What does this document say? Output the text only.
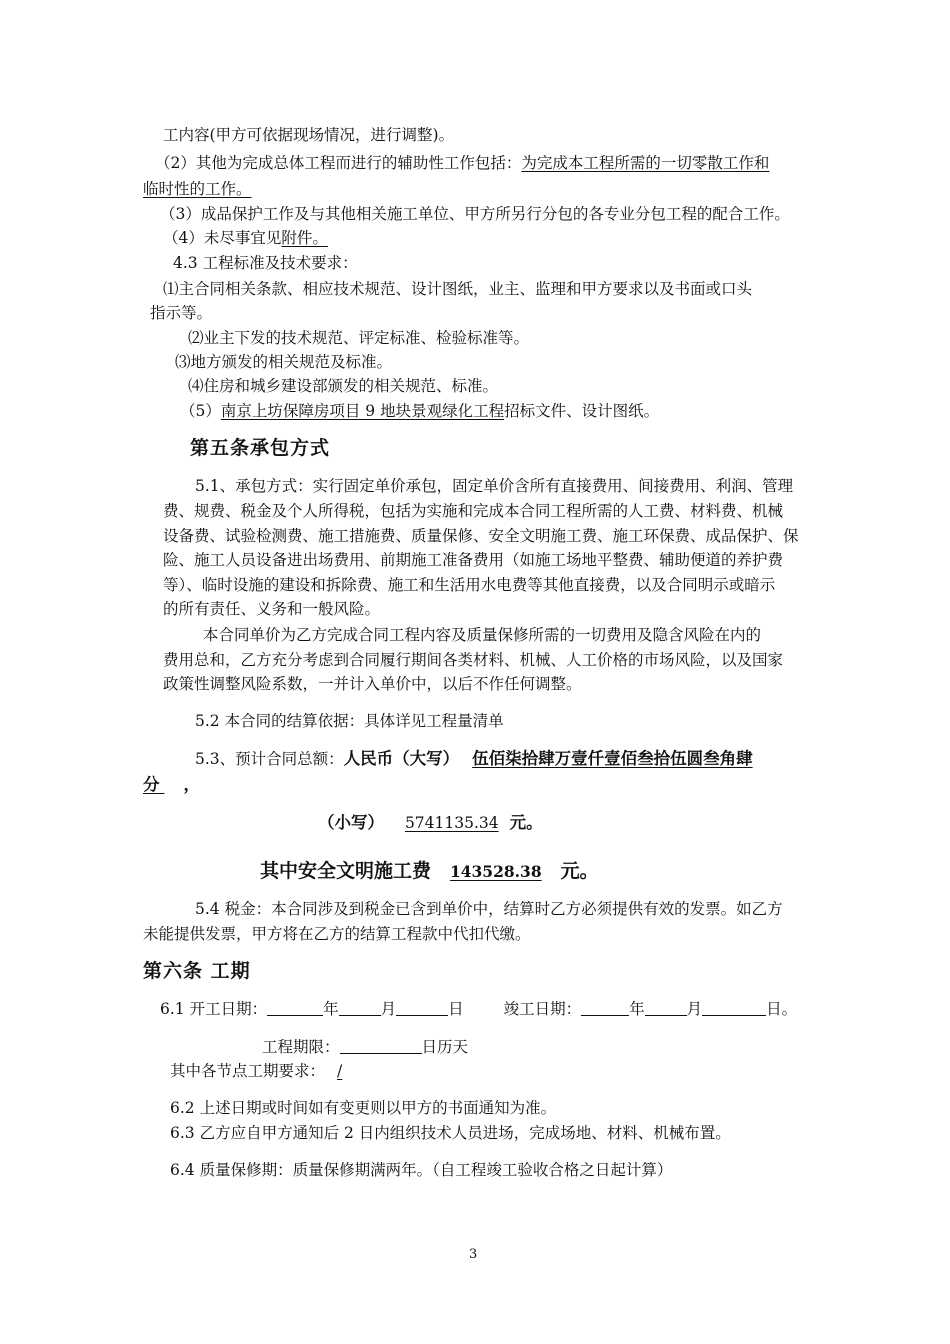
工内容(甲方可依据现场情况，进行调整)。
（2）其他为完成总体工程而进行的辅助性工作包括：为完成本工程所需的一切零散工作和
临时性的工作。
（3）成品保护工作及与其他相关施工单位、甲方所另行分包的各专业分包工程的配合工作。
（4）未尽事宜见附件。
4.3 工程标准及技术要求：
⑴主合同相关条款、相应技术规范、设计图纸，业主、监理和甲方要求以及书面或口头
指示等。
⑵业主下发的技术规范、评定标准、检验标准等。
⑶地方颁发的相关规范及标准。
⑷住房和城乡建设部颁发的相关规范、标准。
（5）南京上坊保障房项目 9 地块景观绿化工程招标文件、设计图纸。
第五条承包方式
5.1、承包方式：实行固定单价承包，固定单价含所有直接费用、间接费用、利润、管理
费、规费、税金及个人所得税，包括为实施和完成本合同工程所需的人工费、材料费、机械
设备费、试验检测费、施工措施费、质量保修、安全文明施工费、施工环保费、成品保护、保
险、施工人员设备进出场费用、前期施工准备费用（如施工场地平整费、辅助便道的养护费
等）、临时设施的建设和拆除费、施工和生活用水电费等其他直接费，以及合同明示或暗示
的所有责任、义务和一般风险。
本合同单价为乙方完成合同工程内容及质量保修所需的一切费用及隐含风险在内的
费用总和，乙方充分考虑到合同履行期间各类材料、机械、人工价格的市场风险，以及国家
政策性调整风险系数，一并计入单价中，以后不作任何调整。
5.2 本合同的结算依据：具体详见工程量清单
5.3、预计合同总额：人民币（大写） 伍佰柒拾肆万壹仟壹佰叁拾伍圆叁角肆
分 ，
（小写） 5741135.34 元。
其中安全文明施工费 143528.38 元。
5.4 税金：本合同涉及到税金已含到单价中，结算时乙方必须提供有效的发票。如乙方
未能提供发票，甲方将在乙方的结算工程款中代扣代缴。
第六条 工期
6.1 开工日期：	年	月	日	竣工日期：	年	月	日。
工程期限：	日历天
其中各节点工期要求： /
6.2 上述日期或时间如有变更则以甲方的书面通知为准。
6.3 乙方应自甲方通知后 2 日内组织技术人员进场，完成场地、材料、机械布置。
6.4 质量保修期：质量保修期满两年。（自工程竣工验收合格之日起计算）
3
